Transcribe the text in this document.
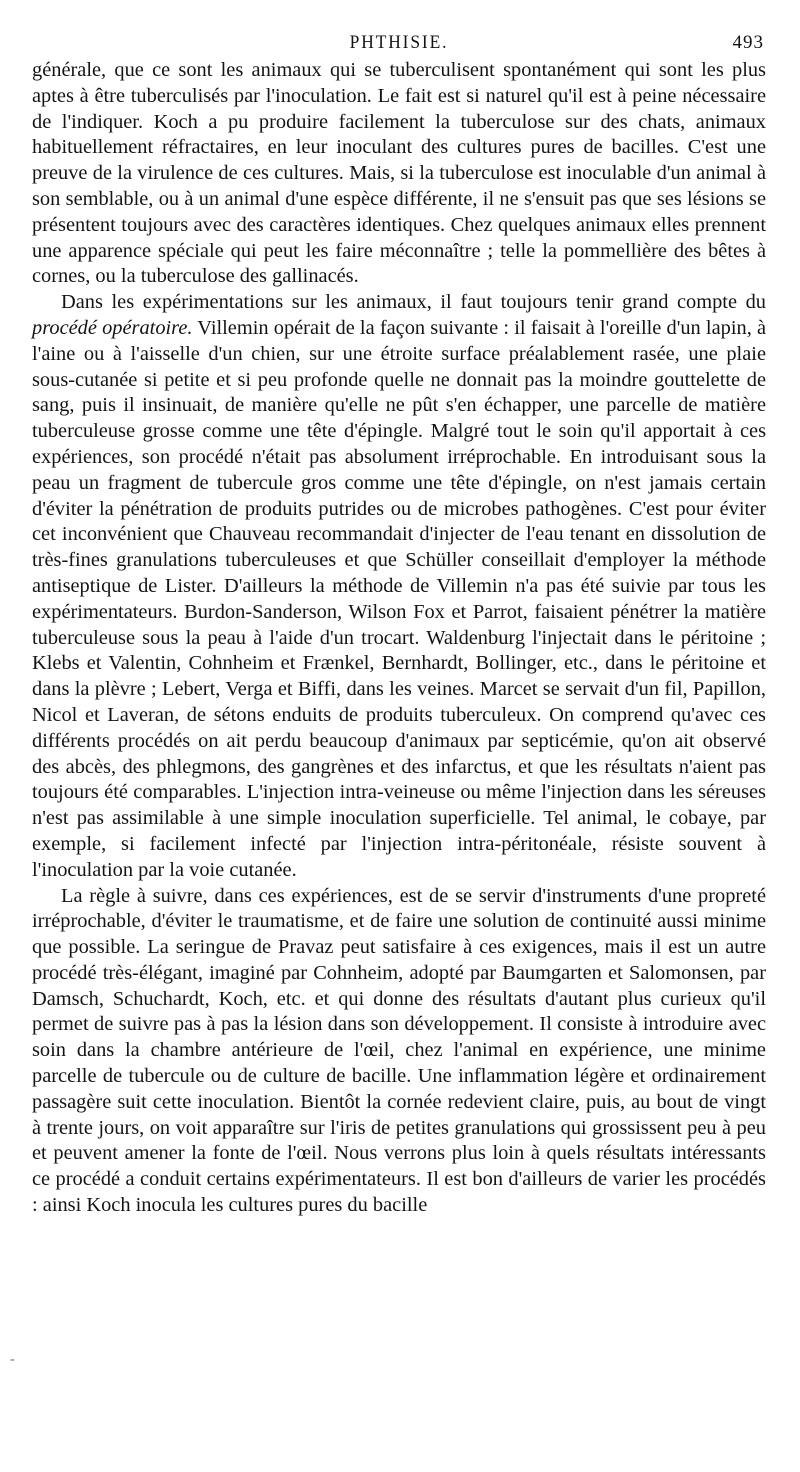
PHTHISIE.	493

générale, que ce sont les animaux qui se tuberculisent spontanément qui sont les plus aptes à être tuberculisés par l'inoculation. Le fait est si naturel qu'il est à peine nécessaire de l'indiquer. Koch a pu produire facilement la tuberculose sur des chats, animaux habituellement réfractaires, en leur inoculant des cultures pures de bacilles. C'est une preuve de la virulence de ces cultures. Mais, si la tuberculose est inoculable d'un animal à son semblable, ou à un animal d'une espèce différente, il ne s'ensuit pas que ses lésions se présentent toujours avec des caractères identiques. Chez quelques animaux elles prennent une apparence spéciale qui peut les faire méconnaître ; telle la pommellière des bêtes à cornes, ou la tuberculose des gallinacés.

Dans les expérimentations sur les animaux, il faut toujours tenir grand compte du procédé opératoire. Villemin opérait de la façon suivante : il faisait à l'oreille d'un lapin, à l'aine ou à l'aisselle d'un chien, sur une étroite surface préalablement rasée, une plaie sous-cutanée si petite et si peu profonde quelle ne donnait pas la moindre gouttelette de sang, puis il insinuait, de manière qu'elle ne pût s'en échapper, une parcelle de matière tuberculeuse grosse comme une tête d'épingle. Malgré tout le soin qu'il apportait à ces expériences, son procédé n'était pas absolument irréprochable. En introduisant sous la peau un fragment de tubercule gros comme une tête d'épingle, on n'est jamais certain d'éviter la pénétration de produits putrides ou de microbes pathogènes. C'est pour éviter cet inconvénient que Chauveau recommandait d'injecter de l'eau tenant en dissolution de très-fines granulations tuberculeuses et que Schüller conseillait d'employer la méthode antiseptique de Lister. D'ailleurs la méthode de Villemin n'a pas été suivie par tous les expérimentateurs. Burdon-Sanderson, Wilson Fox et Parrot, faisaient pénétrer la matière tuberculeuse sous la peau à l'aide d'un trocart. Waldenburg l'injectait dans le péritoine ; Klebs et Valentin, Cohnheim et Frænkel, Bernhardt, Bollinger, etc., dans le péritoine et dans la plèvre ; Lebert, Verga et Biffi, dans les veines. Marcet se servait d'un fil, Papillon, Nicol et Laveran, de sétons enduits de produits tuberculeux. On comprend qu'avec ces différents procédés on ait perdu beaucoup d'animaux par septicémie, qu'on ait observé des abcès, des phlegmons, des gangrènes et des infarctus, et que les résultats n'aient pas toujours été comparables. L'injection intra-veineuse ou même l'injection dans les séreuses n'est pas assimilable à une simple inoculation superficielle. Tel animal, le cobaye, par exemple, si facilement infecté par l'injection intra-péritonéale, résiste souvent à l'inoculation par la voie cutanée.

La règle à suivre, dans ces expériences, est de se servir d'instruments d'une propreté irréprochable, d'éviter le traumatisme, et de faire une solution de continuité aussi minime que possible. La seringue de Pravaz peut satisfaire à ces exigences, mais il est un autre procédé très-élégant, imaginé par Cohnheim, adopté par Baumgarten et Salomonsen, par Damsch, Schuchardt, Koch, etc. et qui donne des résultats d'autant plus curieux qu'il permet de suivre pas à pas la lésion dans son développement. Il consiste à introduire avec soin dans la chambre antérieure de l'œil, chez l'animal en expérience, une minime parcelle de tubercule ou de culture de bacille. Une inflammation légère et ordinairement passagère suit cette inoculation. Bientôt la cornée redevient claire, puis, au bout de vingt à trente jours, on voit apparaître sur l'iris de petites granulations qui grossissent peu à peu et peuvent amener la fonte de l'œil. Nous verrons plus loin à quels résultats intéressants ce procédé a conduit certains expérimentateurs. Il est bon d'ailleurs de varier les procédés : ainsi Koch inocula les cultures pures du bacille

-
